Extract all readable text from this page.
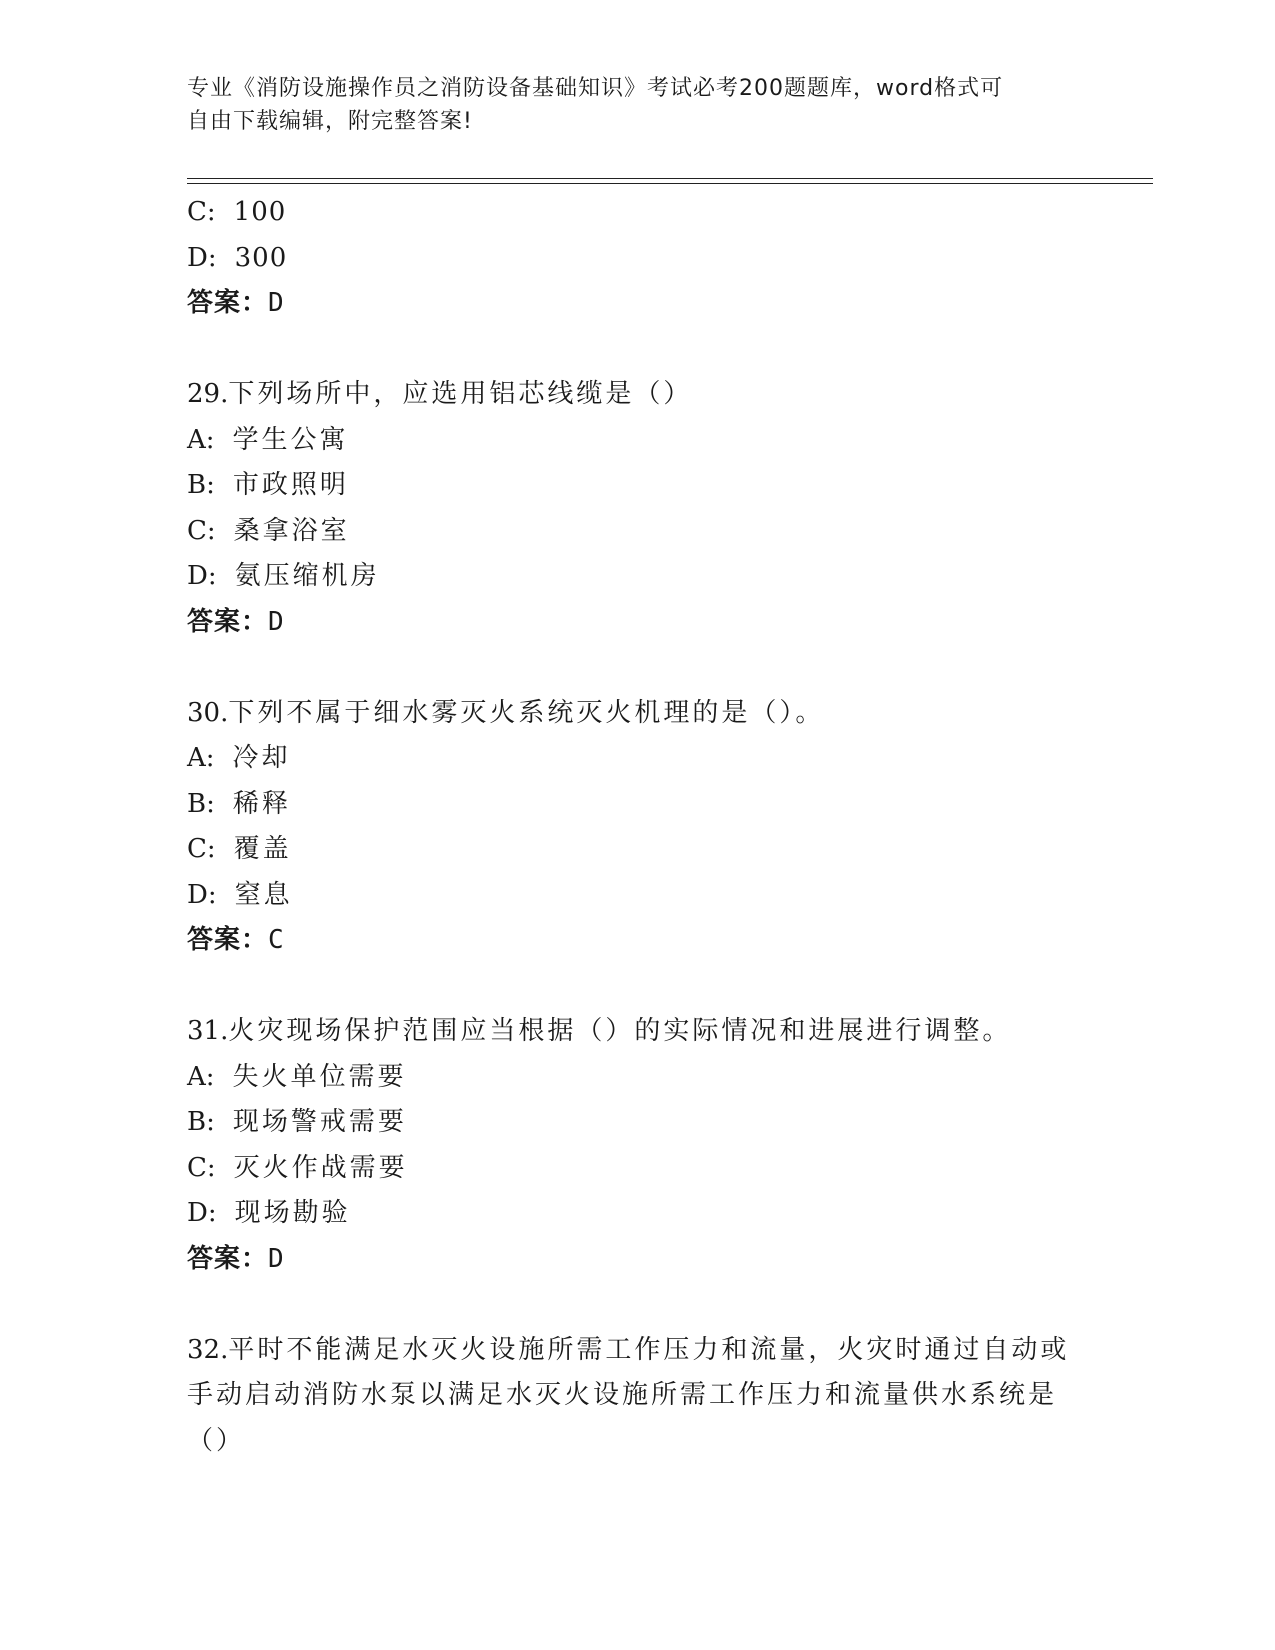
专业《消防设施操作员之消防设备基础知识》考试必考200题题库，word格式可
自由下载编辑，附完整答案!
C: 100
D: 300
答案：D
29.下列场所中，应选用铝芯线缆是（）
A: 学生公寓
B: 市政照明
C: 桑拿浴室
D: 氨压缩机房
答案：D
30.下列不属于细水雾灭火系统灭火机理的是（）。
A: 冷却
B: 稀释
C: 覆盖
D: 窒息
答案：C
31.火灾现场保护范围应当根据（）的实际情况和进展进行调整。
A: 失火单位需要
B: 现场警戒需要
C: 灭火作战需要
D: 现场勘验
答案：D
32.平时不能满足水灭火设施所需工作压力和流量，火灾时通过自动或
手动启动消防水泵以满足水灭火设施所需工作压力和流量供水系统是
（）
